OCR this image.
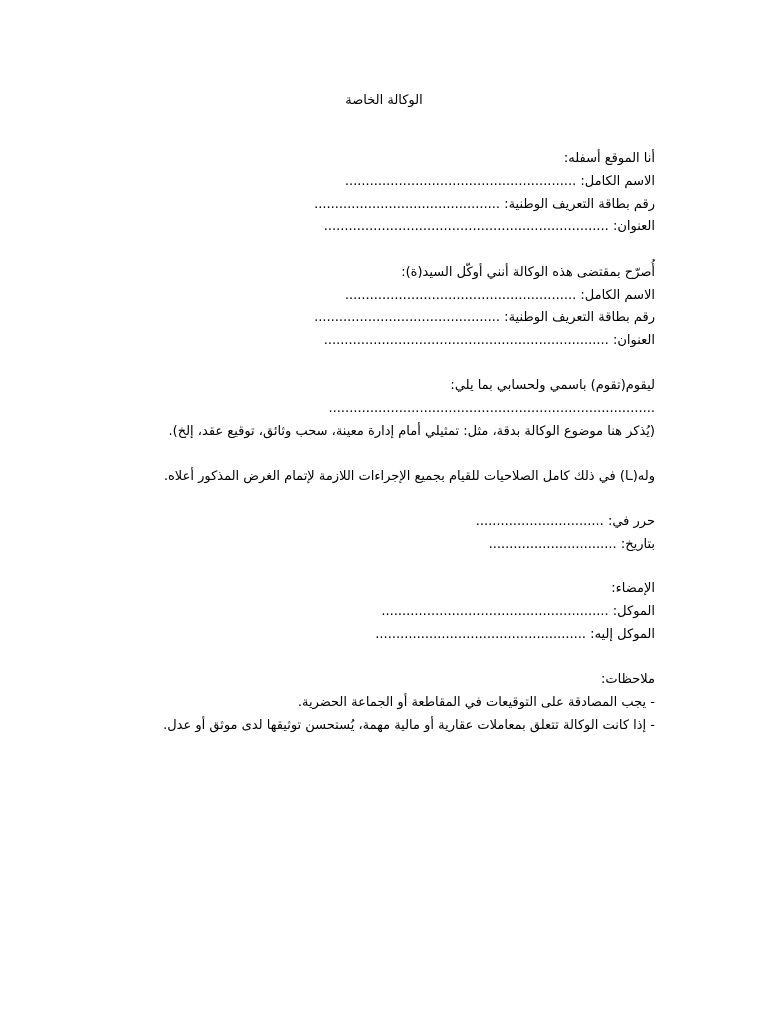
الوكالة الخاصة
:أنا الموقع أسفله
........................................................ :الاسم الكامل
............................................. :رقم بطاقة التعريف الوطنية
..................................................................... :العنوان
:أُصرّح بمقتضى هذه الوكالة أنني أوكّل السيد(ة)
........................................................ :الاسم الكامل
............................................. :رقم بطاقة التعريف الوطنية
..................................................................... :العنوان
:ليقوم(تقوم) باسمي ولحسابي بما يلي
...............................................................................
.(يُذكر هنا موضوع الوكالة بدقة، مثل: تمثيلي أمام إدارة معينة، سحب وثائق، توقيع عقد، إلخ)
.وله(ـا) في ذلك كامل الصلاحيات للقيام بجميع الإجراءات اللازمة لإتمام الغرض المذكور أعلاه
............................... :حرر في
............................... :بتاريخ
:الإمضاء
....................................................... :الموكل
................................................... :الموكل إليه
:ملاحظات
.يجب المصادقة على التوقيعات في المقاطعة أو الجماعة الحضرية -
.إذا كانت الوكالة تتعلق بمعاملات عقارية أو مالية مهمة، يُستحسن توثيقها لدى موثق أو عدل -
